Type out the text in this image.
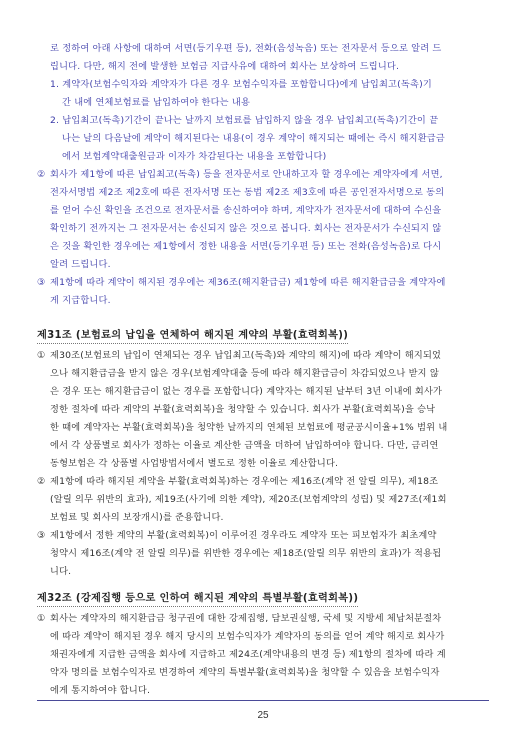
로 정하여 아래 사항에 대하여 서면(등기우편 등), 전화(음성녹음) 또는 전자문서 등으로 알려 드
립니다. 다만, 해지 전에 발생한 보험금 지급사유에 대하여 회사는 보상하여 드립니다.
1. 계약자(보험수익자와 계약자가 다른 경우 보험수익자를 포함합니다)에게 납입최고(독촉)기
간 내에 연체보험료를 납입하여야 한다는 내용
2. 납입최고(독촉)기간이 끝나는 날까지 보험료를 납입하지 않을 경우 납입최고(독촉)기간이 끝
나는 날의 다음날에 계약이 해지된다는 내용(이 경우 계약이 해지되는 때에는 즉시 해지환급금
에서 보험계약대출원금과 이자가 차감된다는 내용을 포함합니다)
② 회사가 제1항에 따른 납입최고(독촉) 등을 전자문서로 안내하고자 할 경우에는 계약자에게 서면,
전자서명법 제2조 제2호에 따른 전자서명 또는 동법 제2조 제3호에 따른 공인전자서명으로 동의
를 얻어 수신 확인을 조건으로 전자문서를 송신하여야 하며, 계약자가 전자문서에 대하여 수신을
확인하기 전까지는 그 전자문서는 송신되지 않은 것으로 봅니다. 회사는 전자문서가 수신되지 않
은 것을 확인한 경우에는 제1항에서 정한 내용을 서면(등기우편 등) 또는 전화(음성녹음)로 다시
알려 드립니다.
③ 제1항에 따라 계약이 해지된 경우에는 제36조(해지환급금) 제1항에 따른 해지환급금을 계약자에
게 지급합니다.
제31조 (보험료의 납입을 연체하여 해지된 계약의 부활(효력회복))
① 제30조(보험료의 납입이 연체되는 경우 납입최고(독촉)와 계약의 해지)에 따라 계약이 해지되었
으나 해지환급금을 받지 않은 경우(보험계약대출 등에 따라 해지환급금이 차감되었으나 받지 않
은 경우 또는 해지환급금이 없는 경우를 포함합니다) 계약자는 해지된 날부터 3년 이내에 회사가
정한 절차에 따라 계약의 부활(효력회복)을 청약할 수 있습니다. 회사가 부활(효력회복)을 승낙
한 때에 계약자는 부활(효력회복)을 청약한 날까지의 연체된 보험료에 평균공시이율+1% 범위 내
에서 각 상품별로 회사가 정하는 이율로 계산한 금액을 더하여 납입하여야 합니다. 다만, 금리연
동형보험은 각 상품별 사업방법서에서 별도로 정한 이율로 계산합니다.
② 제1항에 따라 해지된 계약을 부활(효력회복)하는 경우에는 제16조(계약 전 알릴 의무), 제18조
(알릴 의무 위반의 효과), 제19조(사기에 의한 계약), 제20조(보험계약의 성립) 및 제27조(제1회
보험료 및 회사의 보장개시)를 준용합니다.
③ 제1항에서 정한 계약의 부활(효력회복)이 이루어진 경우라도 계약자 또는 피보험자가 최초계약
청약시 제16조(계약 전 알릴 의무)를 위반한 경우에는 제18조(알릴 의무 위반의 효과)가 적용됩
니다.
제32조 (강제집행 등으로 인하여 해지된 계약의 특별부활(효력회복))
① 회사는 계약자의 해지환급금 청구권에 대한 강제집행, 담보권실행, 국세 및 지방세 체납처분절차
에 따라 계약이 해지된 경우 해지 당시의 보험수익자가 계약자의 동의를 얻어 계약 해지로 회사가
채권자에게 지급한 금액을 회사에 지급하고 제24조(계약내용의 변경 등) 제1항의 절차에 따라 계
약자 명의를 보험수익자로 변경하여 계약의 특별부활(효력회복)을 청약할 수 있음을 보험수익자
에게 통지하여야 합니다.
25
